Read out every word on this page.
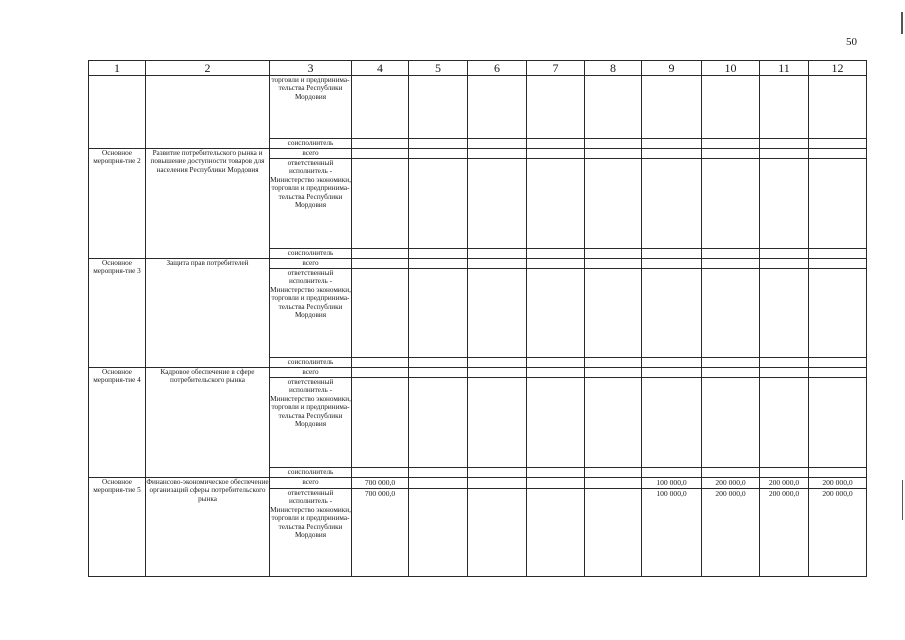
50
1	2	3	4	5	6	7	8	9	10	11	12
		торговли и предпринима-тельства Республики Мордовия									
		соисполнитель									
Основное меропрня-тие 2	Развитие потребительского рынка и повышение доступности товаров для населения Республики Мордовия	всего									
		ответственный исполнитель - Министерство экономики, торговли и предпринима-тельства Республики Мордовия									
		соисполнитель									
Основное мероприя-тие 3	Защита прав потребителей	всего									
		ответственный исполнитель - Министерство экономики, торговли и предпринима-тельства Республики Мордовия									
		соисполнитель									
Основное мероприя-тие 4	Кадровое обеспечение в сфере потребительского рынка	всего									
		ответственный исполнитель - Министерство экономики, торговли и предпринима-тельства Республики Мордовия									
		соисполнитель									
Основное мероприя-тие 5	Финансово-экономическое обеспечение организаций сферы потребительского рынка	всего	700 000,0					100 000,0	200 000,0	200 000,0	200 000,0
		ответственный исполнитель - Министерство экономики, торговли и предпринима-тельства Республики Мордовия	700 000,0					100 000,0	200 000,0	200 000,0	200 000,0
